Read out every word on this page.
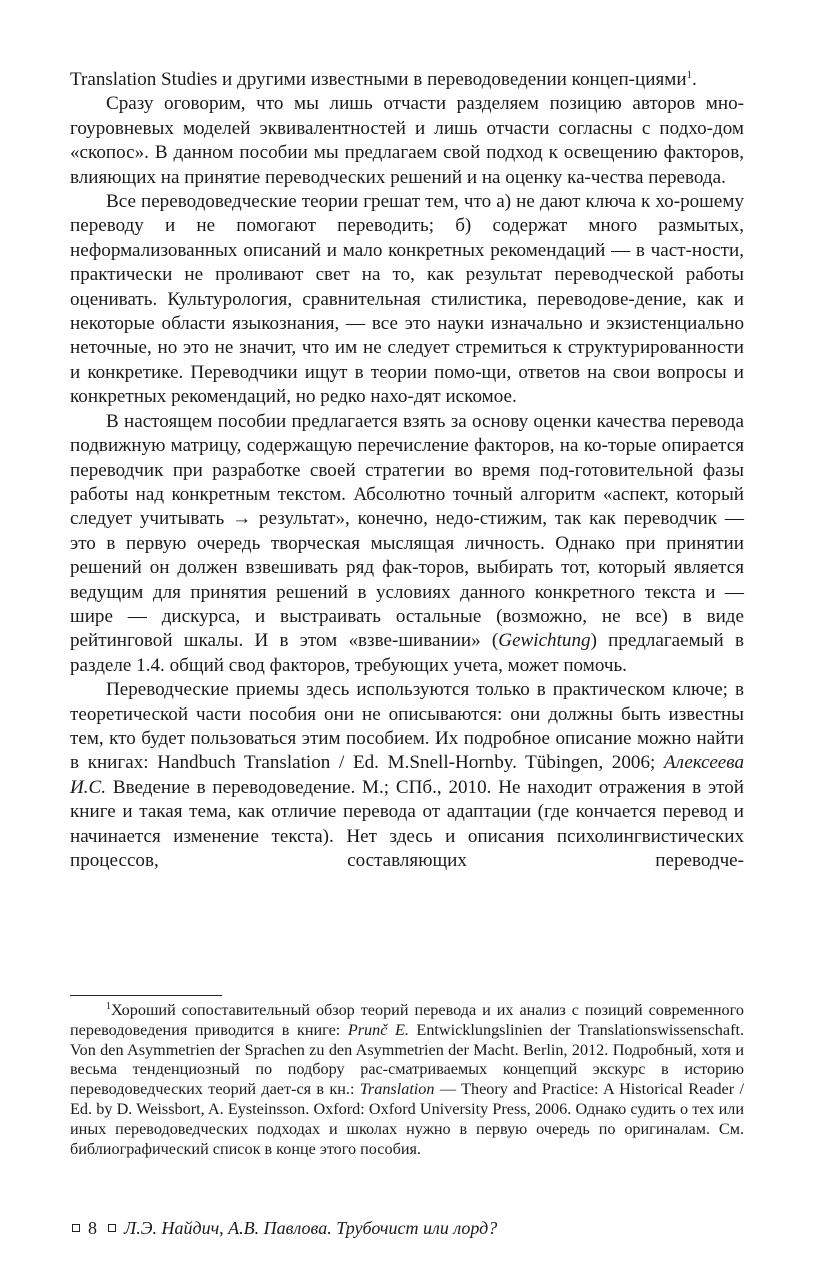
Translation Studies и другими известными в переводоведении концеп-циями$^1$.

Сразу оговорим, что мы лишь отчасти разделяем позицию авторов мно-гоуровневых моделей эквивалентностей и лишь отчасти согласны с подхо-дом «скопос». В данном пособии мы предлагаем свой подход к освещению факторов, влияющих на принятие переводческих решений и на оценку ка-чества перевода.

Все переводоведческие теории грешат тем, что а) не дают ключа к хо-рошему переводу и не помогают переводить; б) содержат много размытых, неформализованных описаний и мало конкретных рекомендаций — в част-ности, практически не проливают свет на то, как результат переводческой работы оценивать. Культурология, сравнительная стилистика, переводове-дение, как и некоторые области языкознания, — все это науки изначально и экзистенциально неточные, но это не значит, что им не следует стремиться к структурированности и конкретике. Переводчики ищут в теории помо-щи, ответов на свои вопросы и конкретных рекомендаций, но редко нахо-дят искомое.

В настоящем пособии предлагается взять за основу оценки качества перевода подвижную матрицу, содержащую перечисление факторов, на ко-торые опирается переводчик при разработке своей стратегии во время под-готовительной фазы работы над конкретным текстом. Абсолютно точный алгоритм «аспект, который следует учитывать → результат», конечно, недо-стижим, так как переводчик — это в первую очередь творческая мыслящая личность. Однако при принятии решений он должен взвешивать ряд фак-торов, выбирать тот, который является ведущим для принятия решений в условиях данного конкретного текста и — шире — дискурса, и выстраивать остальные (возможно, не все) в виде рейтинговой шкалы. И в этом «взве-шивании» (Gewichtung) предлагаемый в разделе 1.4. общий свод факторов, требующих учета, может помочь.

Переводческие приемы здесь используются только в практическом ключе; в теоретической части пособия они не описываются: они должны быть известны тем, кто будет пользоваться этим пособием. Их подробное описание можно найти в книгах: Handbuch Translation / Ed. M.Snell-Hornby. Tübingen, 2006; Алексеева И.С. Введение в переводоведение. М.; СПб., 2010. Не находит отражения в этой книге и такая тема, как отличие перевода от адаптации (где кончается перевод и начинается изменение текста). Нет здесь и описания психолингвистических процессов, составляющих переводче-

$^1$Хороший сопоставительный обзор теорий перевода и их анализ с позиций современного переводоведения приводится в книге: Prunč E. Entwicklungslinien der Translationswissenschaft. Von den Asymmetrien der Sprachen zu den Asymmetrien der Macht. Berlin, 2012. Подробный, хотя и весьма тенденциозный по подбору рас-сматриваемых концепций экскурс в историю переводоведческих теорий дает-ся в кн.: Translation — Theory and Practice: A Historical Reader / Ed. by D. Weissbort, A. Eysteinsson. Oxford: Oxford University Press, 2006. Однако судить о тех или иных переводоведческих подходах и школах нужно в первую очередь по оригиналам. См. библиографический список в конце этого пособия.

8 Л.Э. Найдич, А.В. Павлова. Трубочист или лорд?
